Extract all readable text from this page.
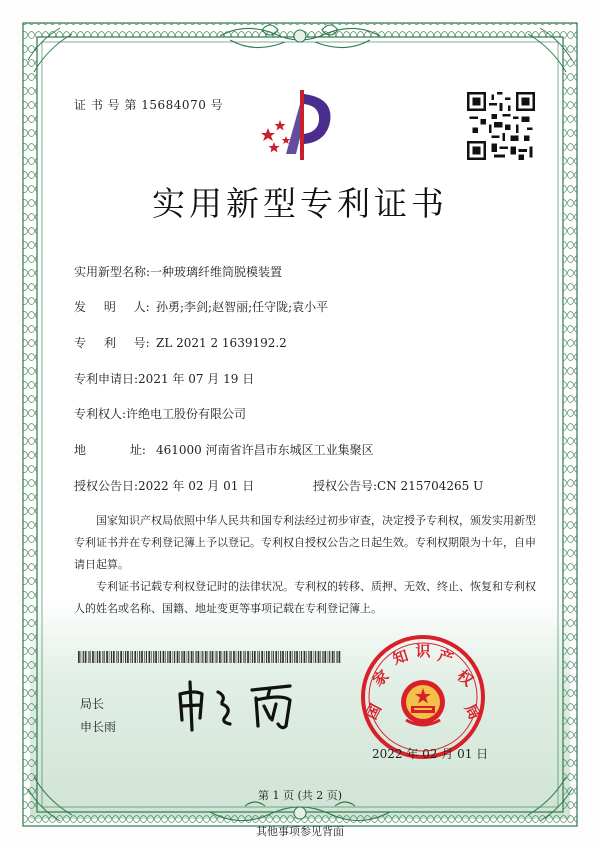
证 书 号 第 15684070 号
实用新型专利证书
实用新型名称:一种玻璃纤维筒脱模装置
发 明 人: 孙勇;李剑;赵智丽;任守陇;袁小平
专 利 号: ZL 2021 2 1639192.2
专利申请日:2021 年 07 月 19 日
专利权人:许绝电工股份有限公司
地 址: 461000 河南省许昌市东城区工业集聚区
授权公告日:2022 年 02 月 01 日	授权公告号:CN 215704265 U
国家知识产权局依照中华人民共和国专利法经过初步审查，决定授予专利权，颁发实用新型专利证书并在专利登记簿上予以登记。专利权自授权公告之日起生效。专利权期限为十年，自申请日起算。
专利证书记载专利权登记时的法律状况。专利权的转移、质押、无效、终止、恢复和专利权人的姓名或名称、国籍、地址变更等事项记载在专利登记簿上。
局长
申长雨
国
家
知 识 产
权
局
2022 年 02 月 01 日
第 1 页 (共 2 页)
其他事项参见背面
